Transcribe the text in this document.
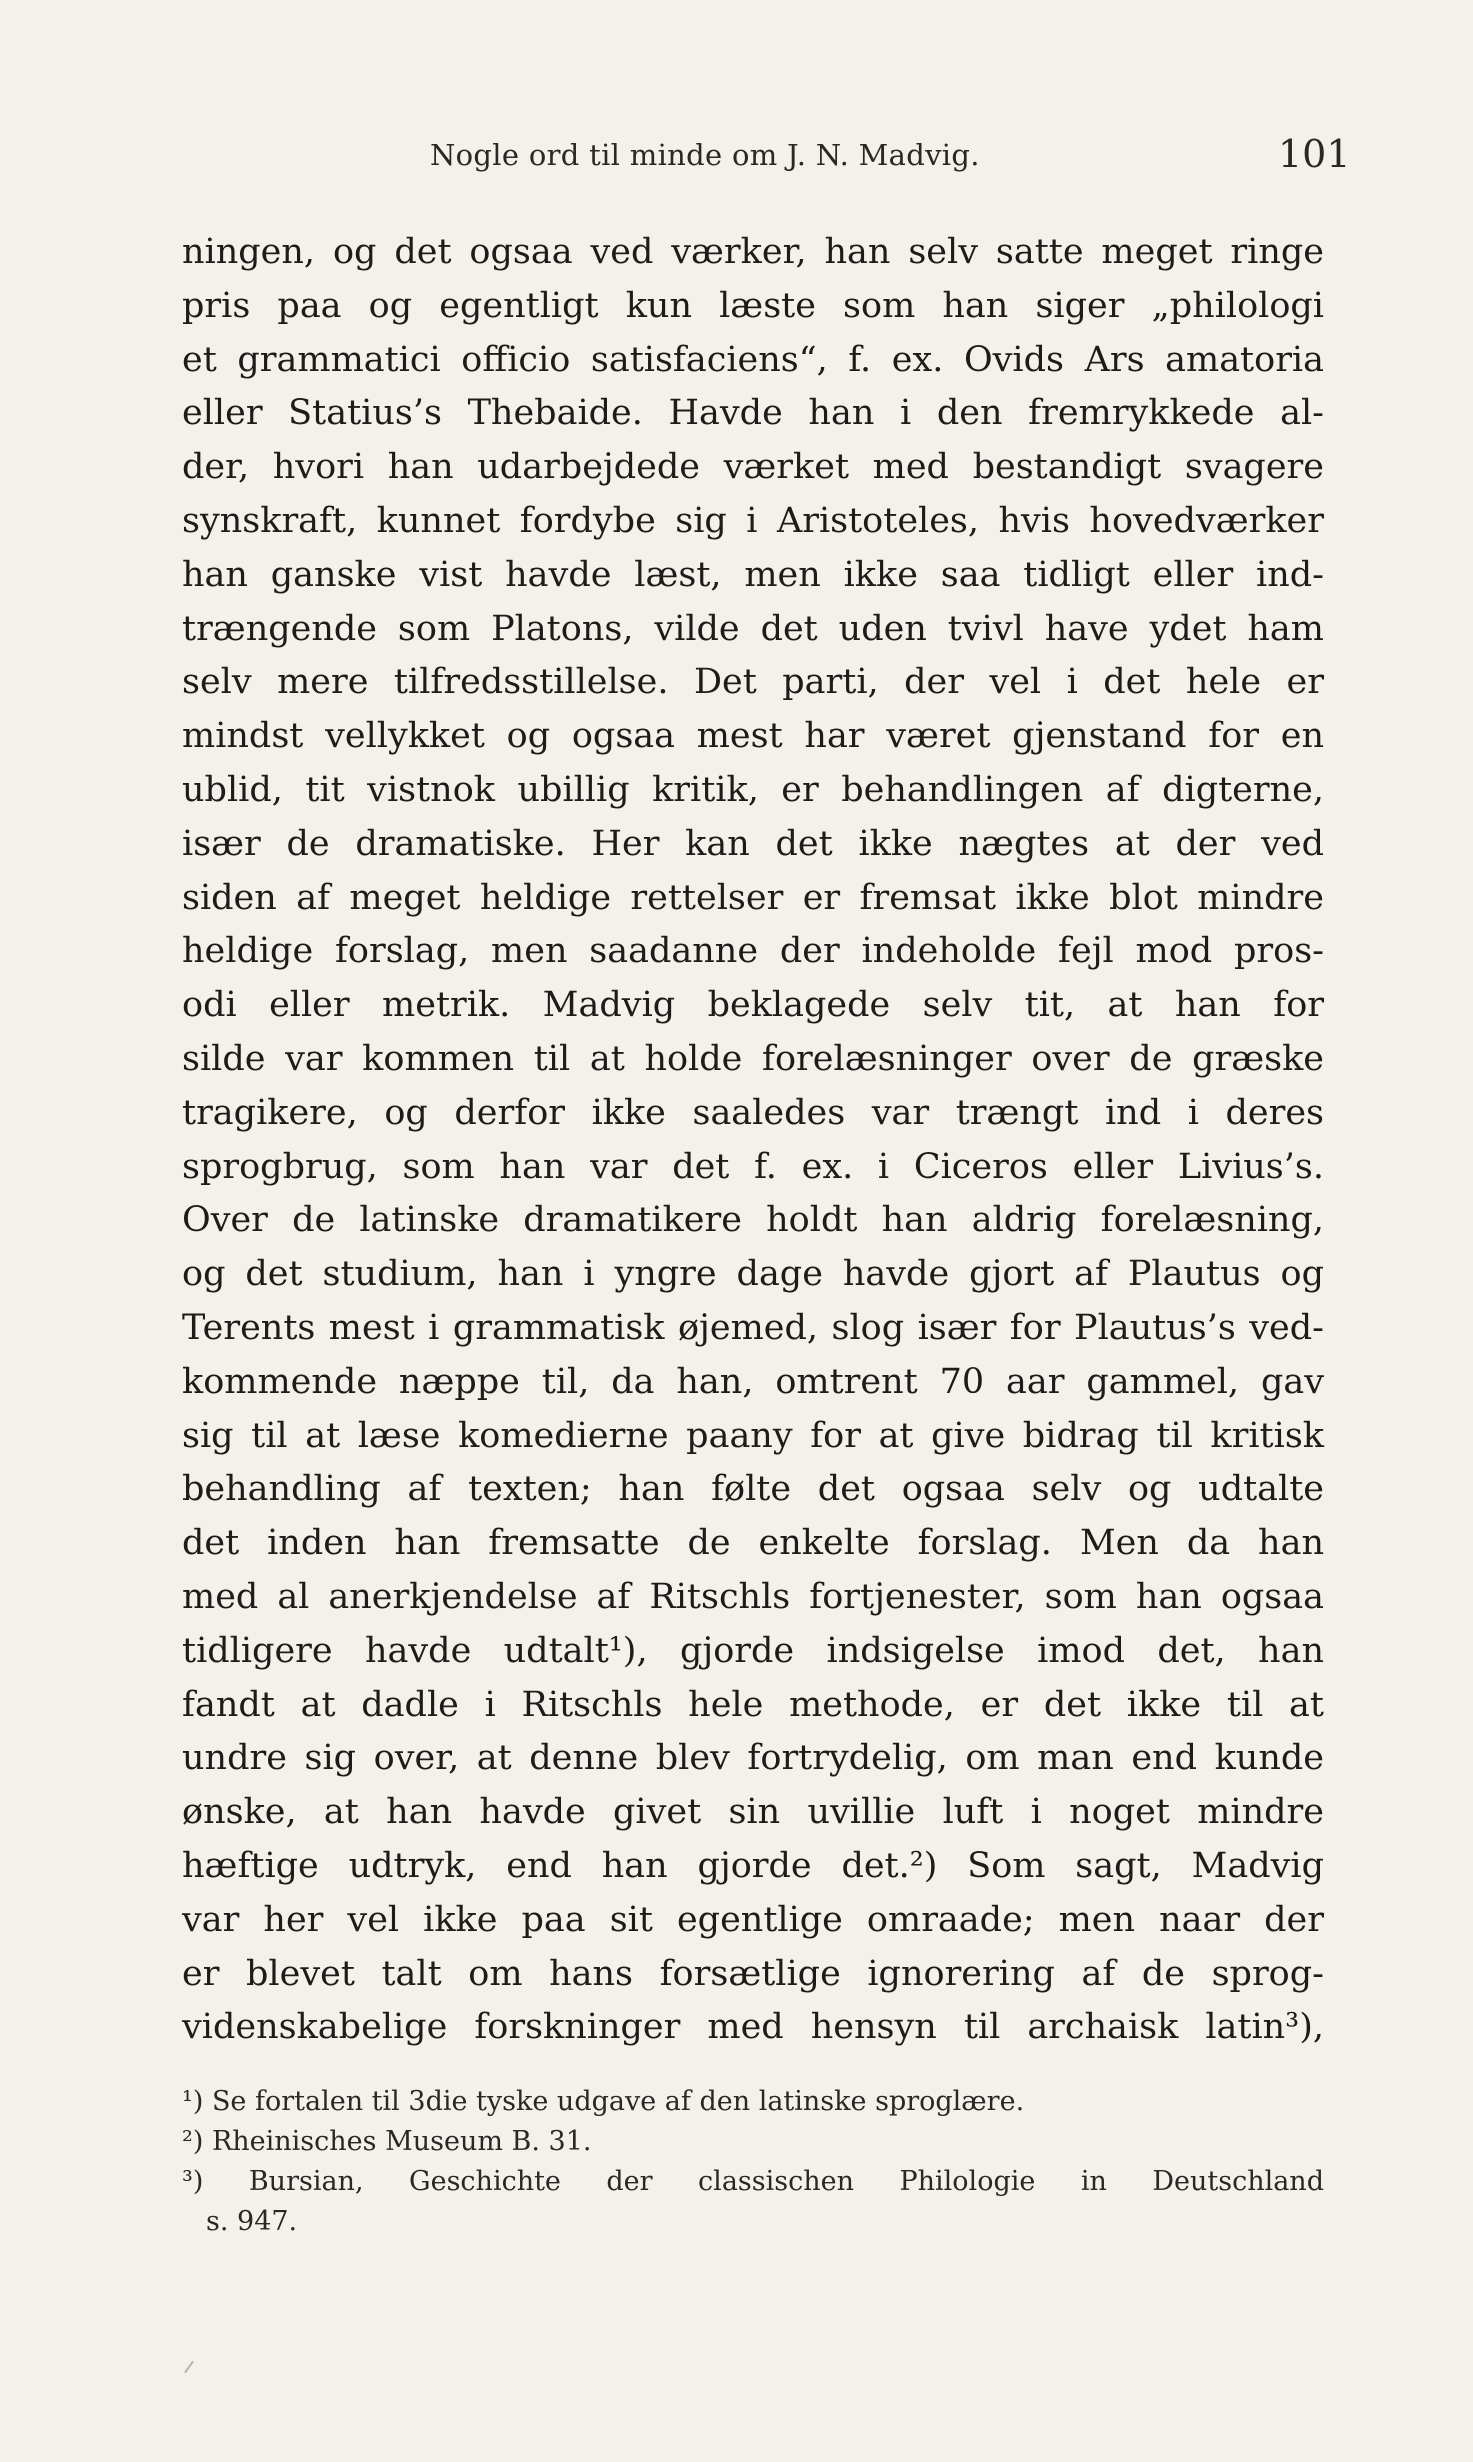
Nogle ord til minde om J. N. Madvig.	101
ningen, og det ogsaa ved værker, han selv satte meget ringe
pris paa og egentligt kun læste som han siger „philologi
et grammatici officio satisfaciens“, f. ex. Ovids Ars amatoria
eller Statius’s Thebaide. Havde han i den fremrykkede al-
der, hvori han udarbejdede værket med bestandigt svagere
synskraft, kunnet fordybe sig i Aristoteles, hvis hovedværker
han ganske vist havde læst, men ikke saa tidligt eller ind-
trængende som Platons, vilde det uden tvivl have ydet ham
selv mere tilfredsstillelse. Det parti, der vel i det hele er
mindst vellykket og ogsaa mest har været gjenstand for en
ublid, tit vistnok ubillig kritik, er behandlingen af digterne,
især de dramatiske. Her kan det ikke nægtes at der ved
siden af meget heldige rettelser er fremsat ikke blot mindre
heldige forslag, men saadanne der indeholde fejl mod pros-
odi eller metrik. Madvig beklagede selv tit, at han for
silde var kommen til at holde forelæsninger over de græske
tragikere, og derfor ikke saaledes var trængt ind i deres
sprogbrug, som han var det f. ex. i Ciceros eller Livius’s.
Over de latinske dramatikere holdt han aldrig forelæsning,
og det studium, han i yngre dage havde gjort af Plautus og
Terents mest i grammatisk øjemed, slog især for Plautus’s ved-
kommende næppe til, da han, omtrent 70 aar gammel, gav
sig til at læse komedierne paany for at give bidrag til kritisk
behandling af texten; han følte det ogsaa selv og udtalte
det inden han fremsatte de enkelte forslag. Men da han
med al anerkjendelse af Ritschls fortjenester, som han ogsaa
tidligere havde udtalt¹), gjorde indsigelse imod det, han
fandt at dadle i Ritschls hele methode, er det ikke til at
undre sig over, at denne blev fortrydelig, om man end kunde
ønske, at han havde givet sin uvillie luft i noget mindre
hæftige udtryk, end han gjorde det.²) Som sagt, Madvig
var her vel ikke paa sit egentlige omraade; men naar der
er blevet talt om hans forsætlige ignorering af de sprog-
videnskabelige forskninger med hensyn til archaisk latin³),
¹) Se fortalen til 3die tyske udgave af den latinske sproglære.
²) Rheinisches Museum B. 31.
³) Bursian, Geschichte der classischen Philologie in Deutschland
s. 947.
